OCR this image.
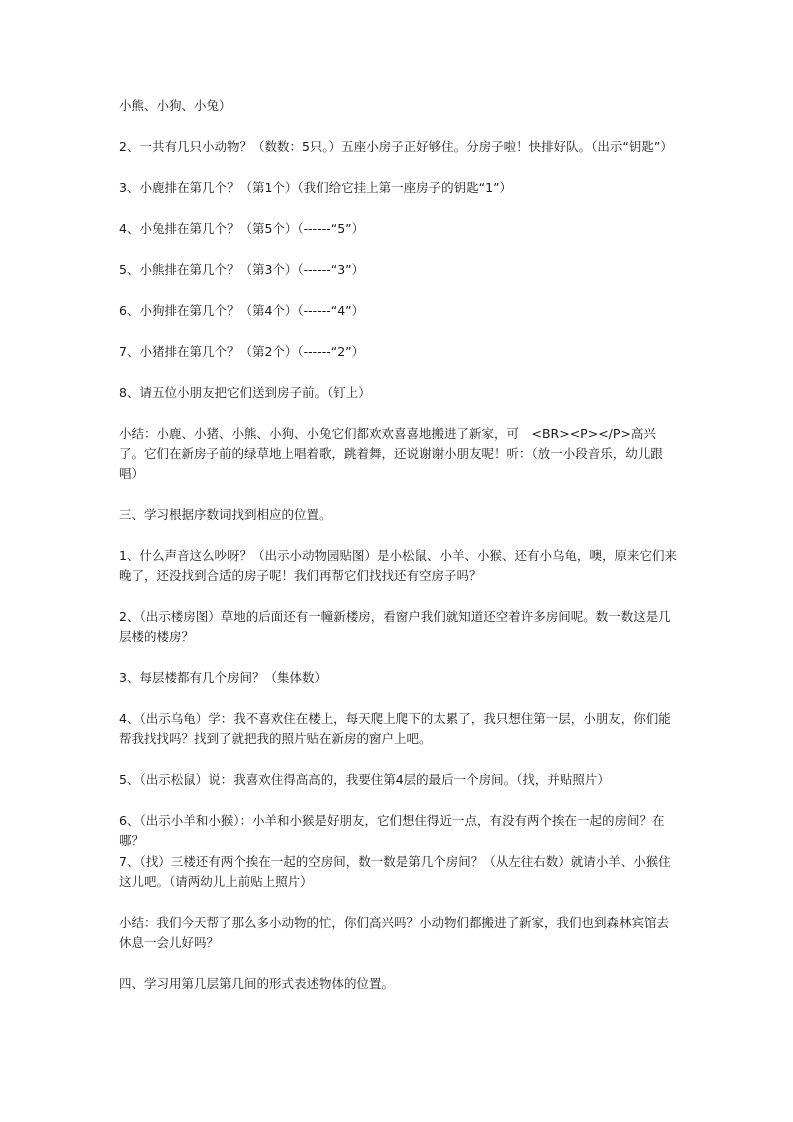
小熊、小狗、小兔）

2、一共有几只小动物？（数数：5只。）五座小房子正好够住。分房子啦！快排好队。（出示“钥匙”）

3、小鹿排在第几个？（第1个）（我们给它挂上第一座房子的钥匙“1”）

4、小兔排在第几个？（第5个）（------“5”）

5、小熊排在第几个？（第3个）（------“3”）

6、小狗排在第几个？（第4个）（------“4”）

7、小猪排在第几个？（第2个）（------“2”）

8、请五位小朋友把它们送到房子前。（钉上）

小结：小鹿、小猪、小熊、小狗、小兔它们都欢欢喜喜地搬进了新家，可　<BR><P></P>高兴了。它们在新房子前的绿草地上唱着歌，跳着舞，还说谢谢小朋友呢！听：（放一小段音乐，幼儿跟唱）

三、学习根据序数词找到相应的位置。

1、什么声音这么吵呀？（出示小动物园贴图）是小松鼠、小羊、小猴、还有小乌龟，噢，原来它们来晚了，还没找到合适的房子呢！我们再帮它们找找还有空房子吗？

2、（出示楼房图）草地的后面还有一幢新楼房，看窗户我们就知道还空着许多房间呢。数一数这是几层楼的楼房？

3、每层楼都有几个房间？（集体数）

4、（出示乌龟）学：我不喜欢住在楼上，每天爬上爬下的太累了，我只想住第一层，小朋友，你们能帮我找找吗？找到了就把我的照片贴在新房的窗户上吧。

5、（出示松鼠）说：我喜欢住得高高的，我要住第4层的最后一个房间。（找，并贴照片）

6、（出示小羊和小猴）：小羊和小猴是好朋友，它们想住得近一点，有没有两个挨在一起的房间？在哪？

7、（找）三楼还有两个挨在一起的空房间，数一数是第几个房间？（从左往右数）就请小羊、小猴住这儿吧。（请两幼儿上前贴上照片）

小结：我们今天帮了那么多小动物的忙，你们高兴吗？小动物们都搬进了新家，我们也到森林宾馆去休息一会儿好吗？

四、学习用第几层第几间的形式表述物体的位置。
